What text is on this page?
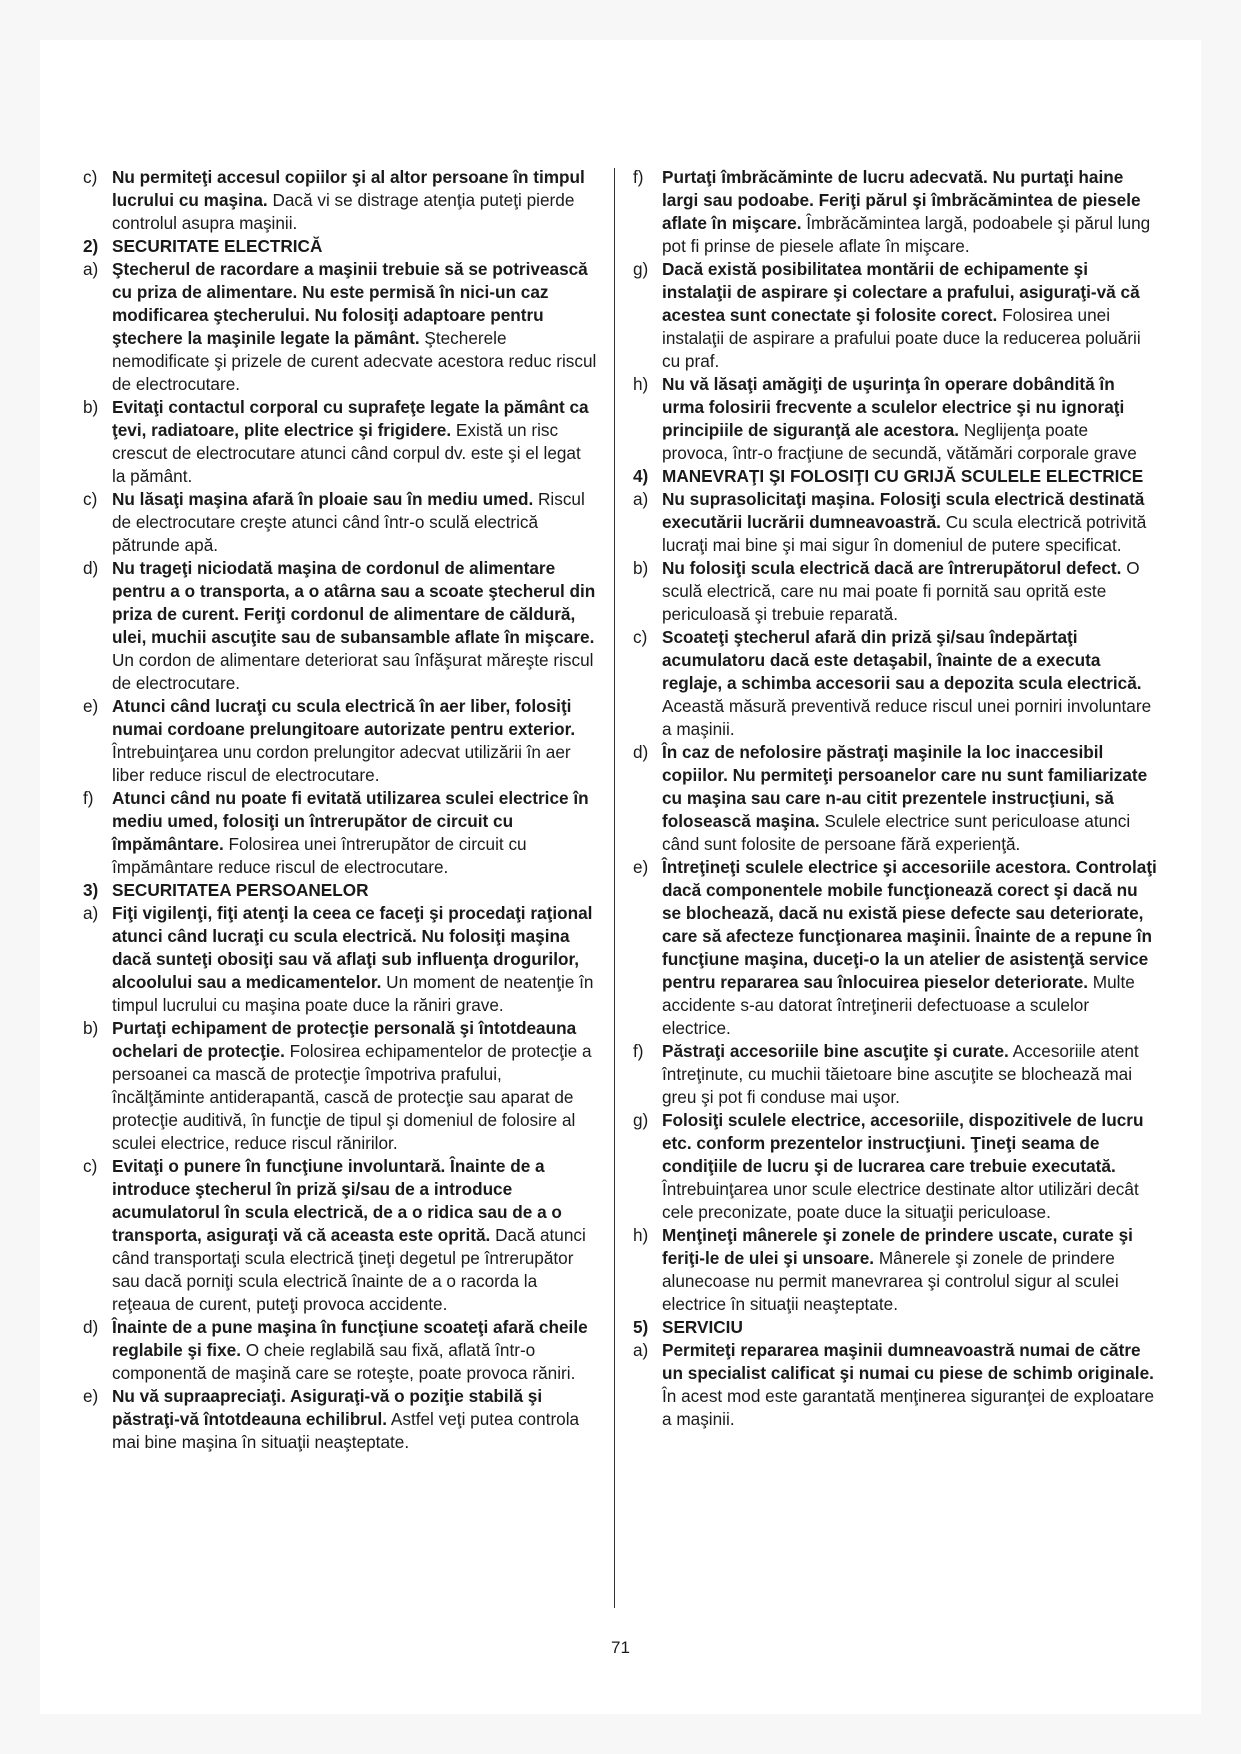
c) Nu permiteţi accesul copiilor şi al altor persoane în timpul lucrului cu maşina. Dacă vi se distrage atenţia puteţi pierde controlul asupra maşinii.

2) SECURITATE ELECTRICĂ

a) Ştecherul de racordare a maşinii trebuie să se potrivească cu priza de alimentare. Nu este permisă în nici-un caz modificarea ştecherului. Nu folosiţi adaptoare pentru ştechere la maşinile legate la pământ. Ştecherele nemodificate şi prizele de curent adecvate acestora reduc riscul de electrocutare.

b) Evitaţi contactul corporal cu suprafeţe legate la pământ ca ţevi, radiatoare, plite electrice şi frigidere. Există un risc crescut de electrocutare atunci când corpul dv. este şi el legat la pământ.

c) Nu lăsaţi maşina afară în ploaie sau în mediu umed. Riscul de electrocutare creşte atunci când într-o sculă electrică pătrunde apă.

d) Nu trageţi niciodată maşina de cordonul de alimentare pentru a o transporta, a o atârna sau a scoate ştecherul din priza de curent. Feriţi cordonul de alimentare de căldură, ulei, muchii ascuţite sau de subansamble aflate în mişcare. Un cordon de alimentare deteriorat sau înfăşurat măreşte riscul de electrocutare.

e) Atunci când lucraţi cu scula electrică în aer liber, folosiţi numai cordoane prelungitoare autorizate pentru exterior. Întrebuinţarea unu cordon prelungitor adecvat utilizării în aer liber reduce riscul de electrocutare.

f) Atunci când nu poate fi evitată utilizarea sculei electrice în mediu umed, folosiţi un întrerupător de circuit cu împământare. Folosirea unei întrerupător de circuit cu împământare reduce riscul de electrocutare.

3) SECURITATEA PERSOANELOR

a) Fiţi vigilenţi, fiţi atenţi la ceea ce faceţi şi procedaţi raţional atunci când lucraţi cu scula electrică. Nu folosiţi maşina dacă sunteţi obosiţi sau vă aflaţi sub influenţa drogurilor, alcoolului sau a medicamentelor. Un moment de neatenţie în timpul lucrului cu maşina poate duce la răniri grave.

b) Purtaţi echipament de protecţie personală şi întotdeauna ochelari de protecţie. Folosirea echipamentelor de protecţie a persoanei ca mască de protecţie împotriva prafului, încălţăminte antiderapantă, cască de protecţie sau aparat de protecţie auditivă, în funcţie de tipul şi domeniul de folosire al sculei electrice, reduce riscul rănirilor.

c) Evitaţi o punere în funcţiune involuntară. Înainte de a introduce ştecherul în priză şi/sau de a introduce acumulatorul în scula electrică, de a o ridica sau de a o transporta, asiguraţi vă că aceasta este oprită. Dacă atunci când transportaţi scula electrică ţineţi degetul pe întrerupător sau dacă porniţi scula electrică înainte de a o racorda la reţeaua de curent, puteţi provoca accidente.

d) Înainte de a pune maşina în funcţiune scoateţi afară cheile reglabile şi fixe. O cheie reglabilă sau fixă, aflată într-o componentă de maşină care se roteşte, poate provoca răniri.

e) Nu vă supraapreciaţi. Asiguraţi-vă o poziţie stabilă şi păstraţi-vă întotdeauna echilibrul. Astfel veţi putea controla mai bine maşina în situaţii neaşteptate.

f) Purtaţi îmbrăcăminte de lucru adecvată. Nu purtaţi haine largi sau podoabe. Feriţi părul şi îmbrăcămintea de piesele aflate în mişcare. Îmbrăcămintea largă, podoabele şi părul lung pot fi prinse de piesele aflate în mişcare.

g) Dacă există posibilitatea montării de echipamente şi instalaţii de aspirare şi colectare a prafului, asiguraţi-vă că acestea sunt conectate şi folosite corect. Folosirea unei instalaţii de aspirare a prafului poate duce la reducerea poluării cu praf.

h) Nu vă lăsaţi amăgiţi de uşurinţa în operare dobândită în urma folosirii frecvente a sculelor electrice şi nu ignoraţi principiile de siguranţă ale acestora. Neglijenţa poate provoca, într-o fracţiune de secundă, vătămări corporale grave

4) MANEVRAŢI ŞI FOLOSIŢI CU GRIJĂ SCULELE ELECTRICE

a) Nu suprasolicitaţi maşina. Folosiţi scula electrică destinată executării lucrării dumneavoastră. Cu scula electrică potrivită lucraţi mai bine şi mai sigur în domeniul de putere specificat.

b) Nu folosiţi scula electrică dacă are întrerupătorul defect. O sculă electrică, care nu mai poate fi pornită sau oprită este periculoasă şi trebuie reparată.

c) Scoateţi ştecherul afară din priză şi/sau îndepărtaţi acumulatoru dacă este detaşabil, înainte de a executa reglaje, a schimba accesorii sau a depozita scula electrică. Această măsură preventivă reduce riscul unei porniri involuntare a maşinii.

d) În caz de nefolosire păstraţi maşinile la loc inaccesibil copiilor. Nu permiteţi persoanelor care nu sunt familiarizate cu maşina sau care n-au citit prezentele instrucţiuni, să folosească maşina. Sculele electrice sunt periculoase atunci când sunt folosite de persoane fără experienţă.

e) Întreţineţi sculele electrice şi accesoriile acestora. Controlaţi dacă componentele mobile funcţionează corect şi dacă nu se blochează, dacă nu există piese defecte sau deteriorate, care să afecteze funcţionarea maşinii. Înainte de a repune în funcţiune maşina, duceţi-o la un atelier de asistenţă service pentru repararea sau înlocuirea pieselor deteriorate. Multe accidente s-au datorat întreţinerii defectuoase a sculelor electrice.

f) Păstraţi accesoriile bine ascuţite şi curate. Accesoriile atent întreţinute, cu muchii tăietoare bine ascuţite se blochează mai greu şi pot fi conduse mai uşor.

g) Folosiţi sculele electrice, accesoriile, dispozitivele de lucru etc. conform prezentelor instrucţiuni. Ţineţi seama de condiţiile de lucru şi de lucrarea care trebuie executată. Întrebuinţarea unor scule electrice destinate altor utilizări decât cele preconizate, poate duce la situaţii periculoase.

h) Menţineţi mânerele şi zonele de prindere uscate, curate şi feriţi-le de ulei şi unsoare. Mânerele şi zonele de prindere alunecoase nu permit manevrarea şi controlul sigur al sculei electrice în situaţii neaşteptate.

5) SERVICIU

a) Permiteţi repararea maşinii dumneavoastră numai de către un specialist calificat şi numai cu piese de schimb originale. În acest mod este garantată menţinerea siguranţei de exploatare a maşinii.

71
